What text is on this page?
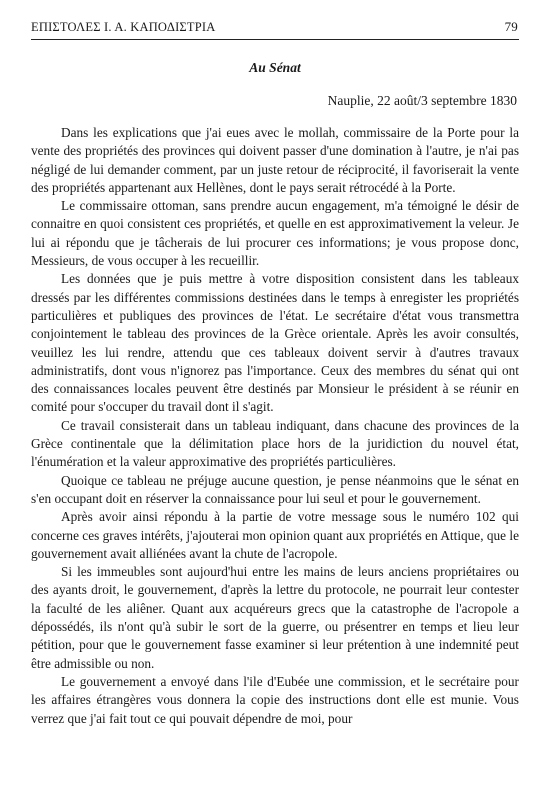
ΕΠΙΣΤΟΛΕΣ Ι. Α. ΚΑΠΟΔΙΣΤΡΙΑ	79
Au Sénat
Nauplie, 22 août/3 septembre 1830

Dans les explications que j'ai eues avec le mollah, commissaire de la Porte pour la vente des propriétés des provinces qui doivent passer d'une domination à l'autre, je n'ai pas négligé de lui demander comment, par un juste retour de réciprocité, il favoriserait la vente des propriétés appartenant aux Hellènes, dont le pays serait rétrocédé à la Porte.

Le commissaire ottoman, sans prendre aucun engagement, m'a témoigné le désir de connaitre en quoi consistent ces propriétés, et quelle en est approximativement la veleur. Je lui ai répondu que je tâcherais de lui procurer ces informations; je vous propose donc, Messieurs, de vous occuper à les recueillir.

Les données que je puis mettre à votre disposition consistent dans les tableaux dressés par les différentes commissions destinées dans le temps à enregister les propriétés particulières et publiques des provinces de l'état. Le secrétaire d'état vous transmettra conjointement le tableau des provinces de la Grèce orientale. Après les avoir consultés, veuillez les lui rendre, attendu que ces tableaux doivent servir à d'autres travaux administratifs, dont vous n'ignorez pas l'importance. Ceux des membres du sénat qui ont des connaissances locales peuvent être destinés par Monsieur le président à se réunir en comité pour s'occuper du travail dont il s'agit.

Ce travail consisterait dans un tableau indiquant, dans chacune des provinces de la Grèce continentale que la délimitation place hors de la juridiction du nouvel état, l'énumération et la valeur approximative des propriétés particulières.

Quoique ce tableau ne préjuge aucune question, je pense néanmoins que le sénat en s'en occupant doit en réserver la connaissance pour lui seul et pour le gouvernement.

Après avoir ainsi répondu à la partie de votre message sous le numéro 102 qui concerne ces graves intérêts, j'ajouterai mon opinion quant aux propriétés en Attique, que le gouvernement avait alliénées avant la chute de l'acropole.

Si les immeubles sont aujourd'hui entre les mains de leurs anciens propriétaires ou des ayants droit, le gouvernement, d'après la lettre du protocole, ne pourrait leur contester la faculté de les aliêner. Quant aux acquéreurs grecs que la catastrophe de l'acropole a dépossédés, ils n'ont qu'à subir le sort de la guerre, ou présentrer en temps et lieu leur pétition, pour que le gouvernement fasse examiner si leur prétention à une indemnité peut être admissible ou non.

Le gouvernement a envoyé dans l'ile d'Eubée une commission, et le secrétaire pour les affaires étrangères vous donnera la copie des instructions dont elle est munie. Vous verrez que j'ai fait tout ce qui pouvait dépendre de moi, pour
